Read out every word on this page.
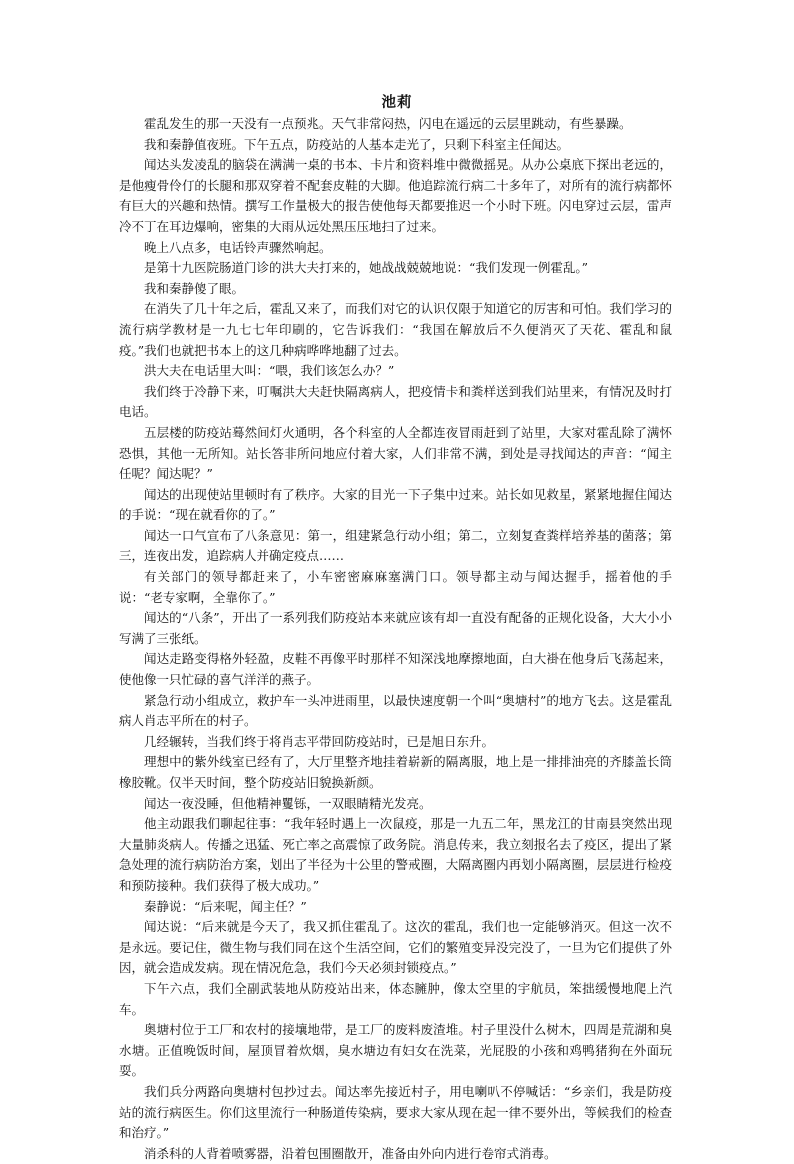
池莉

霍乱发生的那一天没有一点预兆。天气非常闷热，闪电在遥远的云层里跳动，有些暴躁。

我和秦静值夜班。下午五点，防疫站的人基本走光了，只剩下科室主任闻达。

闻达头发凌乱的脑袋在满满一桌的书本、卡片和资料堆中微微摇晃。从办公桌底下探出老远的，是他瘦骨伶仃的长腿和那双穿着不配套皮鞋的大脚。他追踪流行病二十多年了，对所有的流行病都怀有巨大的兴趣和热情。撰写工作量极大的报告使他每天都要推迟一个小时下班。闪电穿过云层，雷声冷不丁在耳边爆响，密集的大雨从远处黑压压地扫了过来。

晚上八点多，电话铃声骤然响起。

是第十九医院肠道门诊的洪大夫打来的，她战战兢兢地说：“我们发现一例霍乱。”

我和秦静傻了眼。

在消失了几十年之后，霍乱又来了，而我们对它的认识仅限于知道它的厉害和可怕。我们学习的流行病学教材是一九七七年印刷的，它告诉我们：“我国在解放后不久便消灭了天花、霍乱和鼠疫。”我们也就把书本上的这几种病哗哗地翻了过去。

洪大夫在电话里大叫：“喂，我们该怎么办？”

我们终于冷静下来，叮嘱洪大夫赶快隔离病人，把疫情卡和粪样送到我们站里来，有情况及时打电话。

五层楼的防疫站蓦然间灯火通明，各个科室的人全都连夜冒雨赶到了站里，大家对霍乱除了满怀恐惧，其他一无所知。站长答非所问地应付着大家，人们非常不满，到处是寻找闻达的声音：“闻主任呢？闻达呢？”

闻达的出现使站里顿时有了秩序。大家的目光一下子集中过来。站长如见救星，紧紧地握住闻达的手说：“现在就看你的了。”

闻达一口气宣布了八条意见：第一，组建紧急行动小组；第二，立刻复查粪样培养基的菌落；第三，连夜出发，追踪病人并确定疫点……

有关部门的领导都赶来了，小车密密麻麻塞满门口。领导都主动与闻达握手，摇着他的手说：“老专家啊，全靠你了。”

闻达的“八条”，开出了一系列我们防疫站本来就应该有却一直没有配备的正规化设备，大大小小写满了三张纸。

闻达走路变得格外轻盈，皮鞋不再像平时那样不知深浅地摩擦地面，白大褂在他身后飞荡起来，使他像一只忙碌的喜气洋洋的燕子。

紧急行动小组成立，救护车一头冲进雨里，以最快速度朝一个叫“奥塘村”的地方飞去。这是霍乱病人肖志平所在的村子。

几经辗转，当我们终于将肖志平带回防疫站时，已是旭日东升。

理想中的紫外线室已经有了，大厅里整齐地挂着崭新的隔离服，地上是一排排油亮的齐膝盖长筒橡胶靴。仅半天时间，整个防疫站旧貌换新颜。

闻达一夜没睡，但他精神矍铄，一双眼睛精光发亮。

他主动跟我们聊起往事：“我年轻时遇上一次鼠疫，那是一九五二年，黑龙江的甘南县突然出现大量肺炎病人。传播之迅猛、死亡率之高震惊了政务院。消息传来，我立刻报名去了疫区，提出了紧急处理的流行病防治方案，划出了半径为十公里的警戒圈，大隔离圈内再划小隔离圈，层层进行检疫和预防接种。我们获得了极大成功。”

秦静说：“后来呢，闻主任？”

闻达说：“后来就是今天了，我又抓住霍乱了。这次的霍乱，我们也一定能够消灭。但这一次不是永远。要记住，微生物与我们同在这个生活空间，它们的繁殖变异没完没了，一旦为它们提供了外因，就会造成发病。现在情况危急，我们今天必须封锁疫点。”

下午六点，我们全副武装地从防疫站出来，体态臃肿，像太空里的宇航员，笨拙缓慢地爬上汽车。

奥塘村位于工厂和农村的接壤地带，是工厂的废料废渣堆。村子里没什么树木，四周是荒湖和臭水塘。正值晚饭时间，屋顶冒着炊烟，臭水塘边有妇女在洗菜，光屁股的小孩和鸡鸭猪狗在外面玩耍。

我们兵分两路向奥塘村包抄过去。闻达率先接近村子，用电喇叭不停喊话：“乡亲们，我是防疫站的流行病医生。你们这里流行一种肠道传染病，要求大家从现在起一律不要外出，等候我们的检查和治疗。”

消杀科的人背着喷雾器，沿着包围圈散开，准备由外向内进行卷帘式消毒。
